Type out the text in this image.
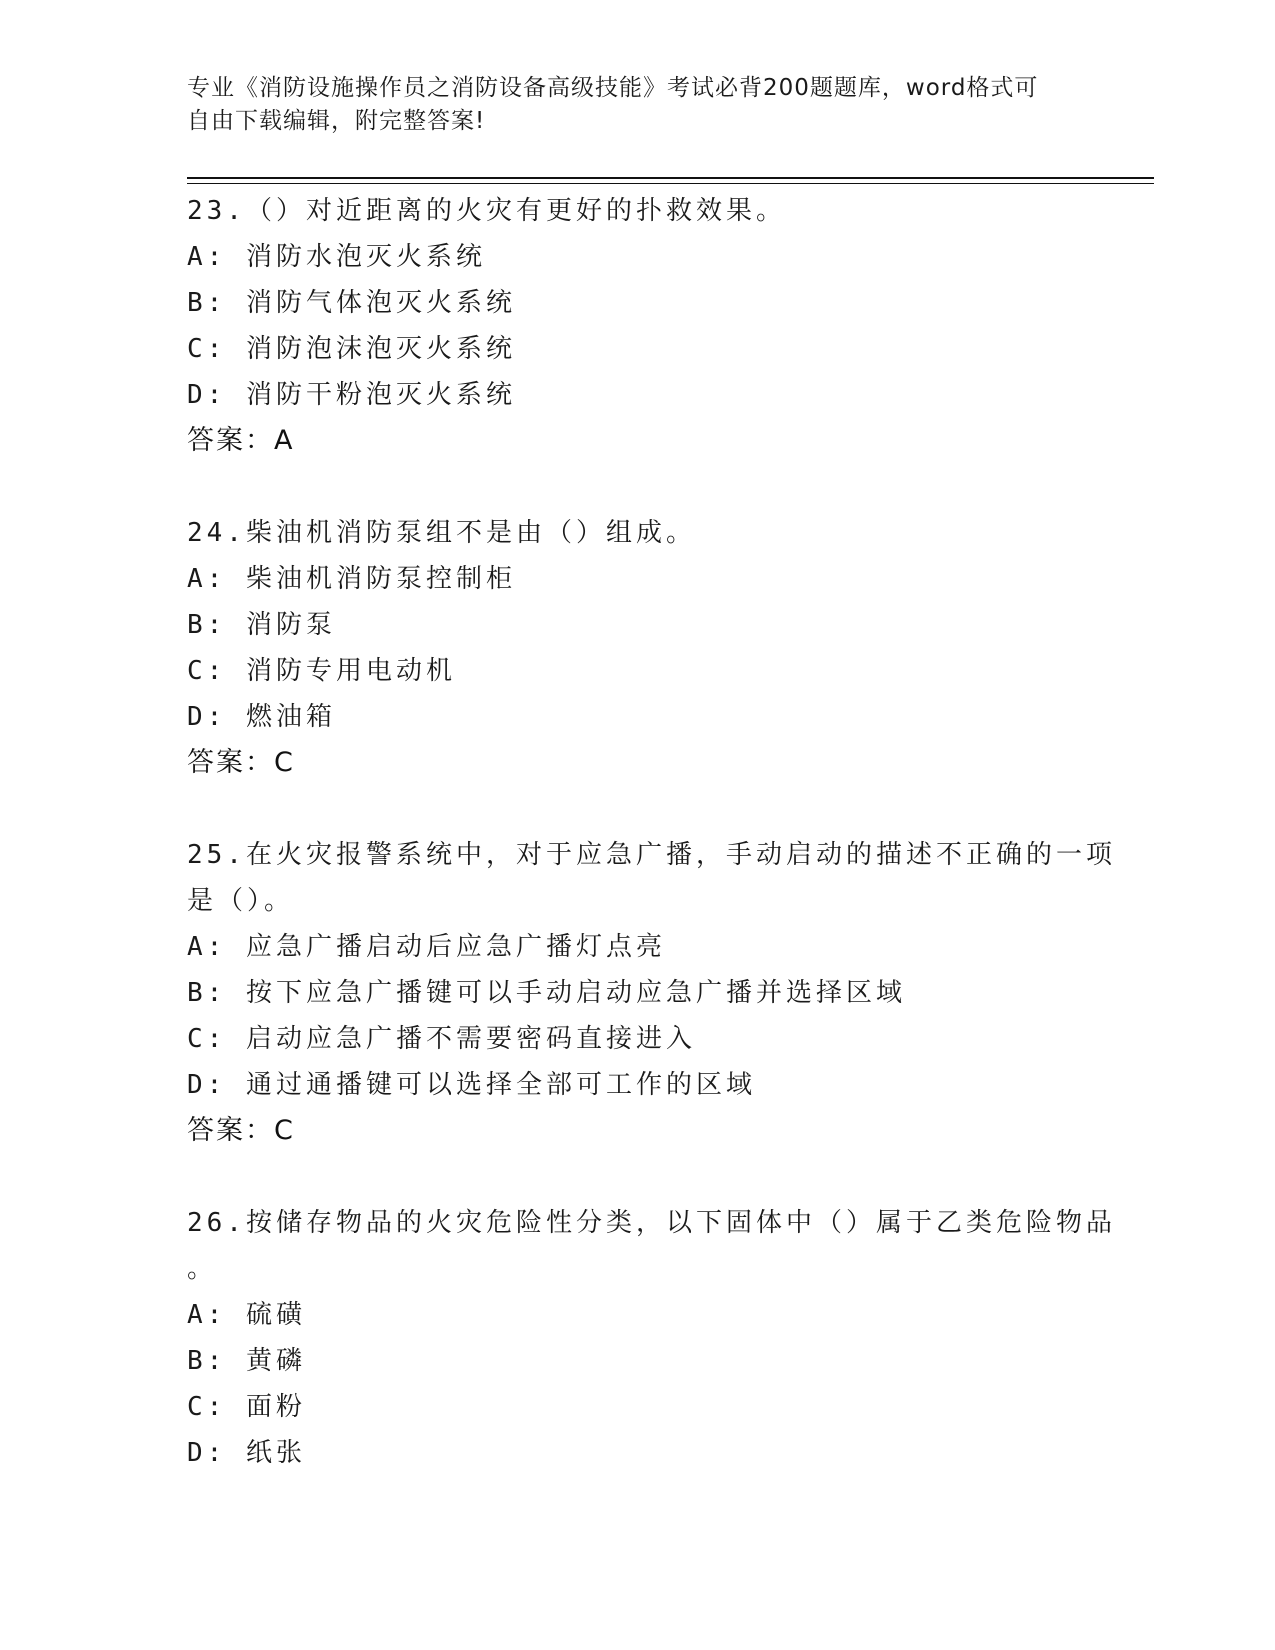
专业《消防设施操作员之消防设备高级技能》考试必背200题题库，word格式可
自由下载编辑，附完整答案!
23.（）对近距离的火灾有更好的扑救效果。
A: 消防水泡灭火系统
B: 消防气体泡灭火系统
C: 消防泡沫泡灭火系统
D: 消防干粉泡灭火系统
答案：A
24.柴油机消防泵组不是由（）组成。
A: 柴油机消防泵控制柜
B: 消防泵
C: 消防专用电动机
D: 燃油箱
答案：C
25.在火灾报警系统中，对于应急广播，手动启动的描述不正确的一项
是（）。
A: 应急广播启动后应急广播灯点亮
B: 按下应急广播键可以手动启动应急广播并选择区域
C: 启动应急广播不需要密码直接进入
D: 通过通播键可以选择全部可工作的区域
答案：C
26.按储存物品的火灾危险性分类，以下固体中（）属于乙类危险物品
。
A: 硫磺
B: 黄磷
C: 面粉
D: 纸张
